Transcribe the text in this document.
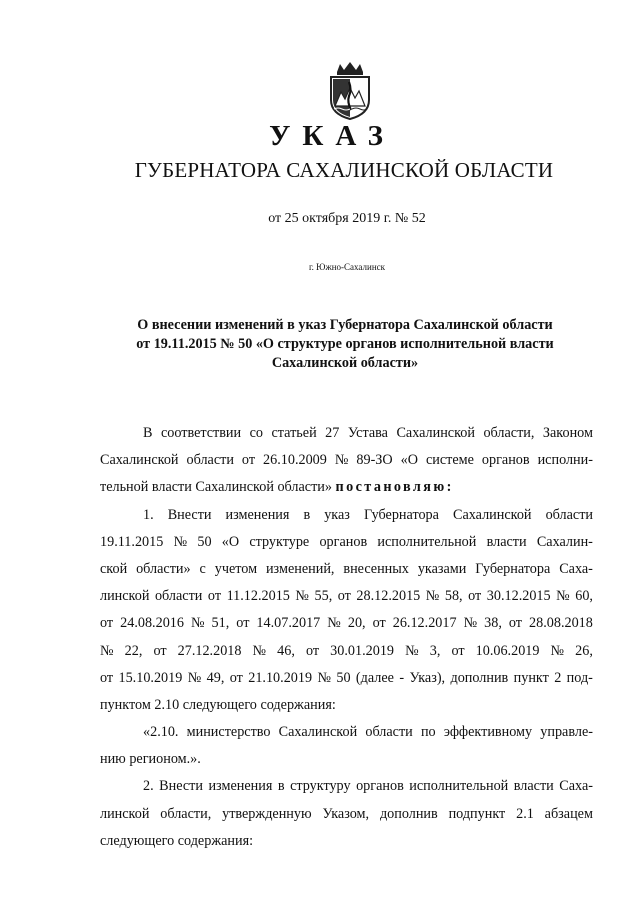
УКАЗ
ГУБЕРНАТОРА САХАЛИНСКОЙ ОБЛАСТИ
от 25 октября 2019 г. № 52
г. Южно-Сахалинск
О внесении изменений в указ Губернатора Сахалинской области
от 19.11.2015 № 50 «О структуре органов исполнительной власти
Сахалинской области»
В соответствии со статьей 27 Устава Сахалинской области, Законом
Сахалинской области от 26.10.2009 № 89-ЗО «О системе органов исполни-
тельной власти Сахалинской области»
постановляю:
1. Внести изменения в указ Губернатора Сахалинской области
19.11.2015 № 50 «О структуре органов исполнительной власти Сахалин-
ской области» с учетом изменений, внесенных указами Губернатора Саха-
линской области от 11.12.2015 № 55, от 28.12.2015 № 58, от 30.12.2015 № 60,
от 24.08.2016 № 51, от 14.07.2017 № 20, от 26.12.2017 № 38, от 28.08.2018
№ 22, от 27.12.2018 № 46, от 30.01.2019 № 3, от 10.06.2019 № 26,
от 15.10.2019 № 49, от 21.10.2019 № 50 (далее - Указ), дополнив пункт 2 под-
пунктом 2.10 следующего содержания:
«2.10. министерство Сахалинской области по эффективному управле-
нию регионом.».
2. Внести изменения в структуру органов исполнительной власти Саха-
линской области, утвержденную Указом, дополнив подпункт 2.1 абзацем
следующего содержания:
